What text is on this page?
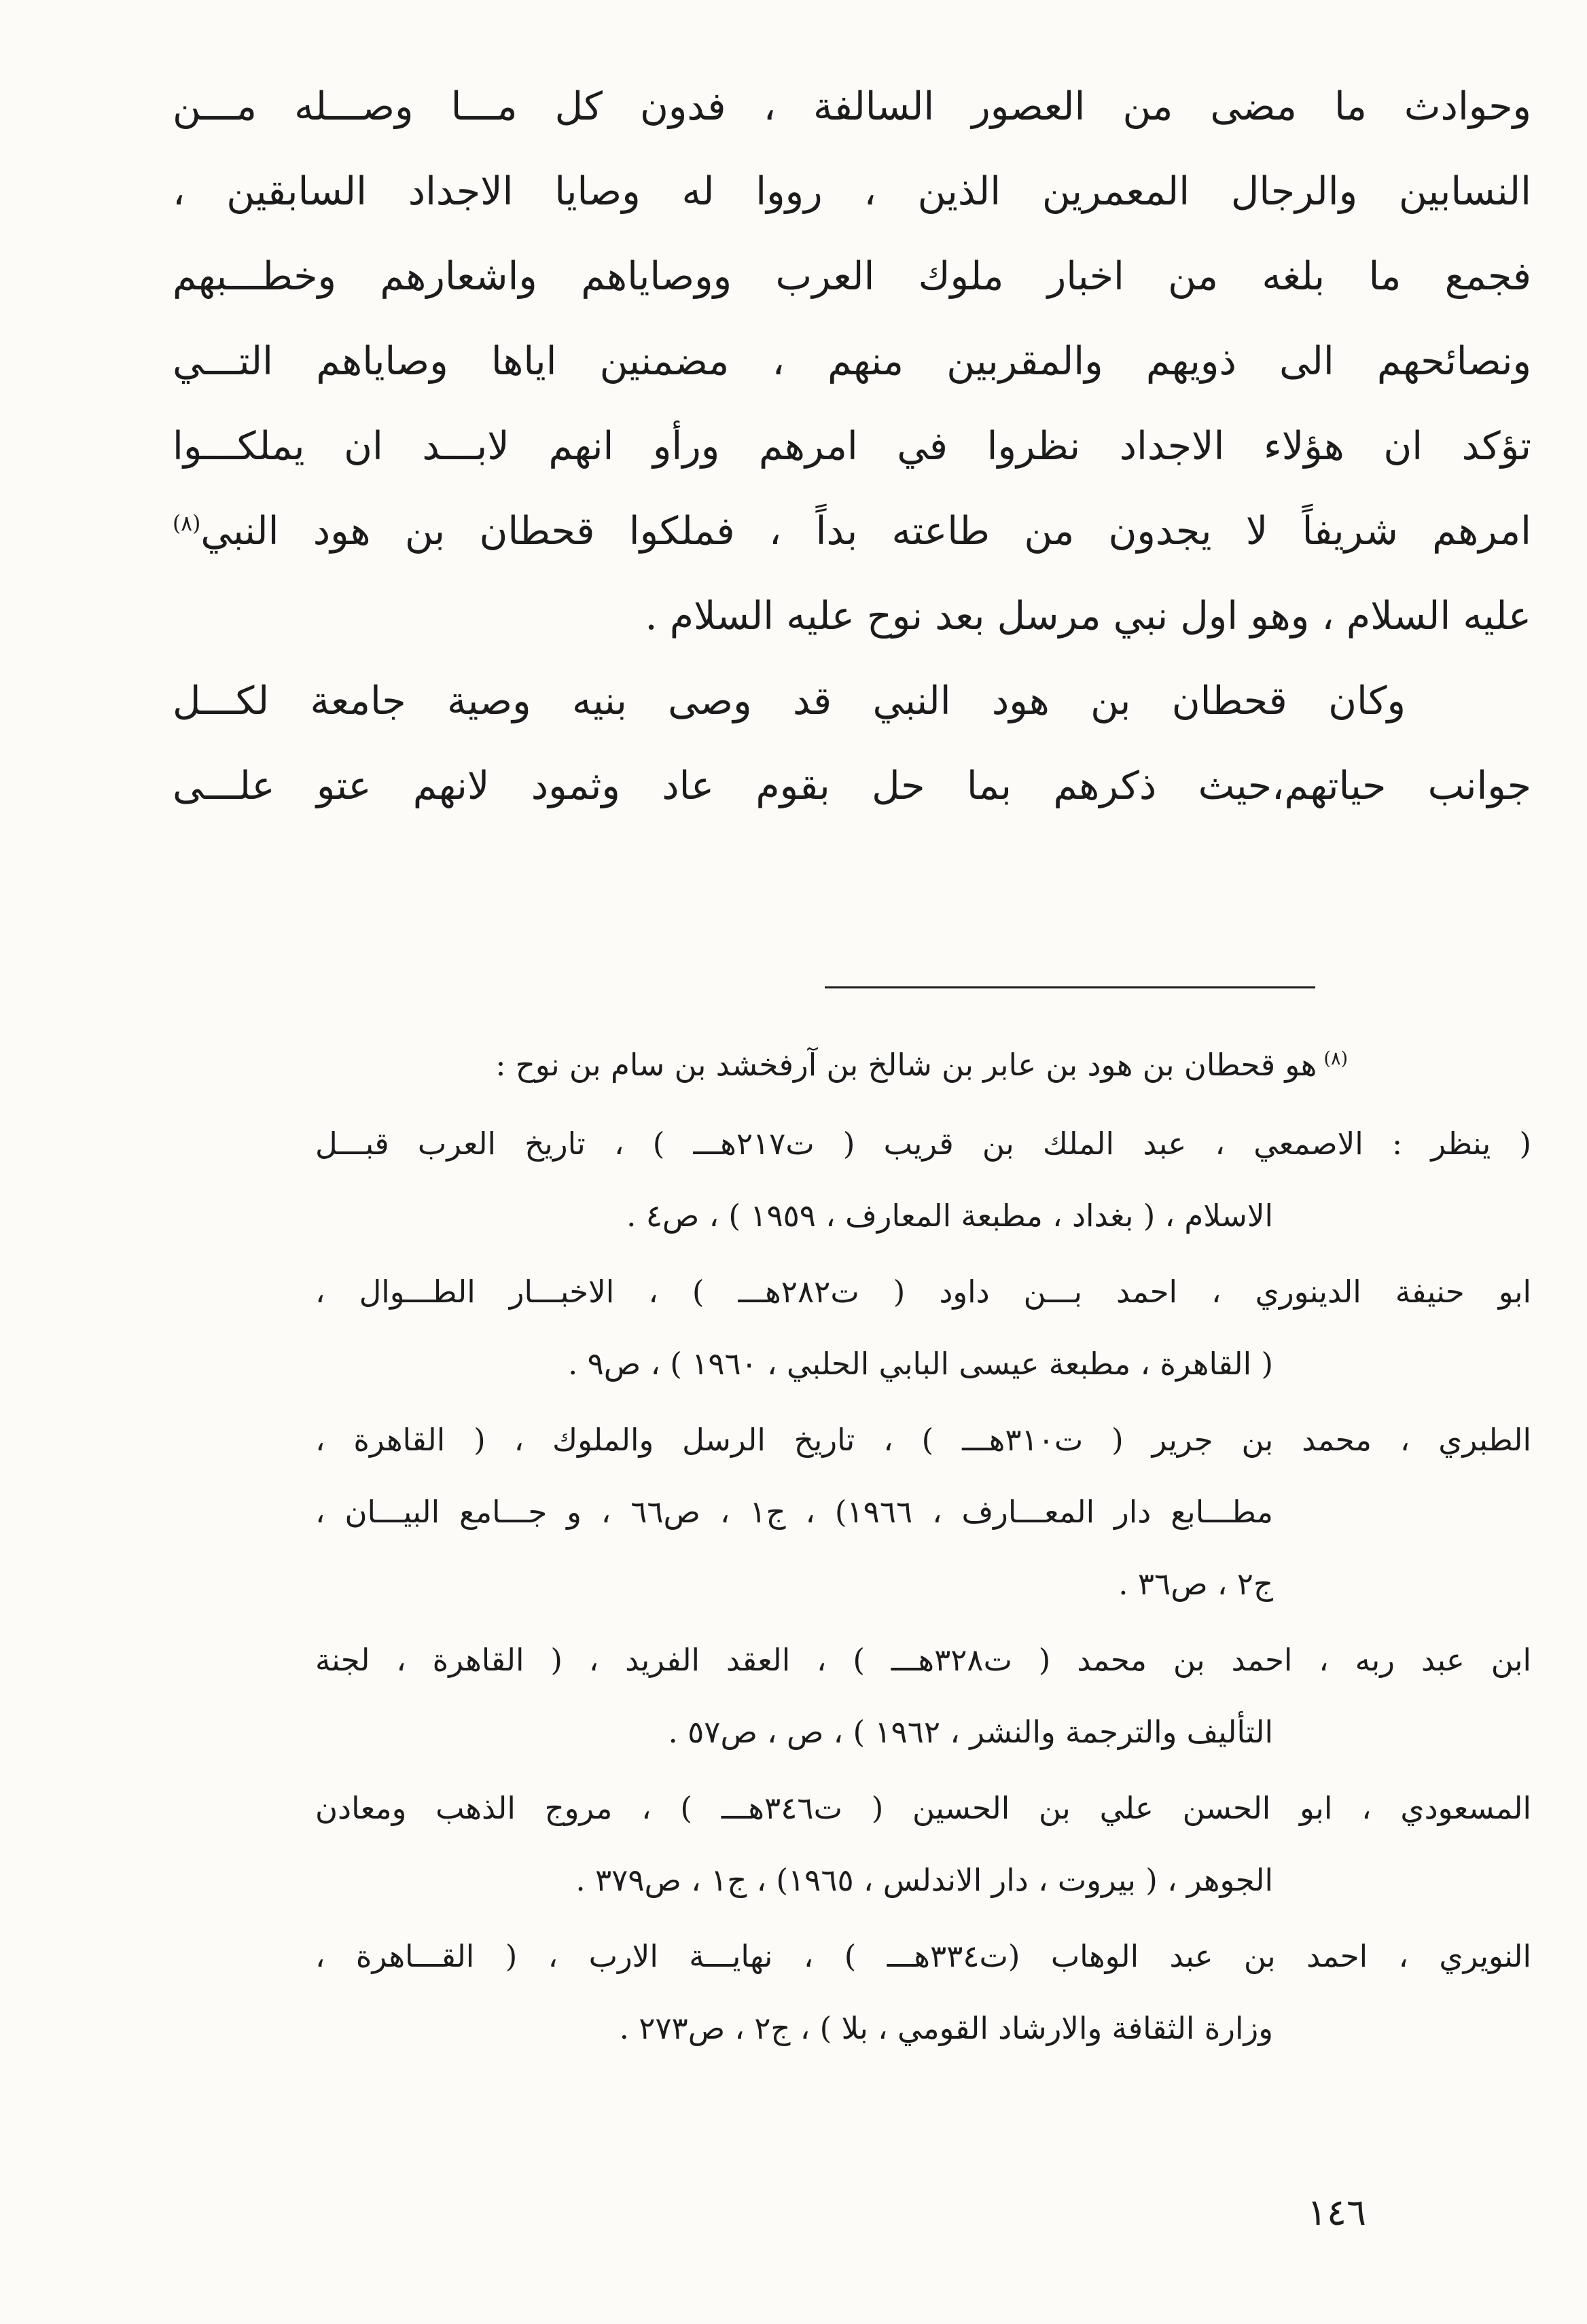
وحوادث ما مضى من العصور السالفة ، فدون كل مـــا وصـــله مـــن

النسابين والرجال المعمرين الذين ، رووا له وصايا الاجداد السابقين ،

فجمع ما بلغه من اخبار ملوك العرب ووصاياهم واشعارهم وخطـــبهم

ونصائحهم الى ذويهم والمقربين منهم ، مضمنين اياها وصاياهم التـــي

تؤكد ان هؤلاء الاجداد نظروا في امرهم ورأو انهم لابـــد ان يملكـــوا

امرهم شريفاً لا يجدون من طاعته بداً ، فملكوا قحطان بن هود النبي$^{(٨)}$

عليه السلام ، وهو اول نبي مرسل بعد نوح عليه السلام .

وكان قحطان بن هود النبي قد وصى بنيه وصية جامعة لكـــل

جوانب حياتهم،حيث ذكرهم بما حل بقوم عاد وثمود لانهم عتو علـــى

$^{(٨)}$هو قحطان بن هود بن عابر بن شالخ بن آرفخشد بن سام بن نوح :

( ينظر : الاصمعي ، عبد الملك بن قريب ( ت٢١٧هـــ ) ، تاريخ العرب قبـــل

الاسلام ، ( بغداد ، مطبعة المعارف ، ١٩٥٩ ) ، ص٤ .

ابو حنيفة الدينوري ، احمد بـــن داود ( ت٢٨٢هـــ ) ، الاخبـــار الطـــوال ،

( القاهرة ، مطبعة عيسى البابي الحلبي ، ١٩٦٠ ) ، ص٩ .

الطبري ، محمد بن جرير ( ت٣١٠هـــ ) ، تاريخ الرسل والملوك ، ( القاهرة ،

مطـــابع دار المعـــارف ، ١٩٦٦) ، ج١ ، ص٦٦ ، و جـــامع البيـــان ،

ج٢ ، ص٣٦ .

ابن عبد ربه ، احمد بن محمد ( ت٣٢٨هـــ ) ، العقد الفريد ، ( القاهرة ، لجنة

التأليف والترجمة والنشر ، ١٩٦٢ ) ، ص ، ص٥٧ .

المسعودي ، ابو الحسن علي بن الحسين ( ت٣٤٦هـــ ) ، مروج الذهب ومعادن

الجوهر ، ( بيروت ، دار الاندلس ، ١٩٦٥) ، ج١ ، ص٣٧٩ .

النويري ، احمد بن عبد الوهاب (ت٣٣٤هـــ ) ، نهايـــة الارب ، ( القـــاهرة ،

وزارة الثقافة والارشاد القومي ، بلا ) ، ج٢ ، ص٢٧٣ .

١٤٦
